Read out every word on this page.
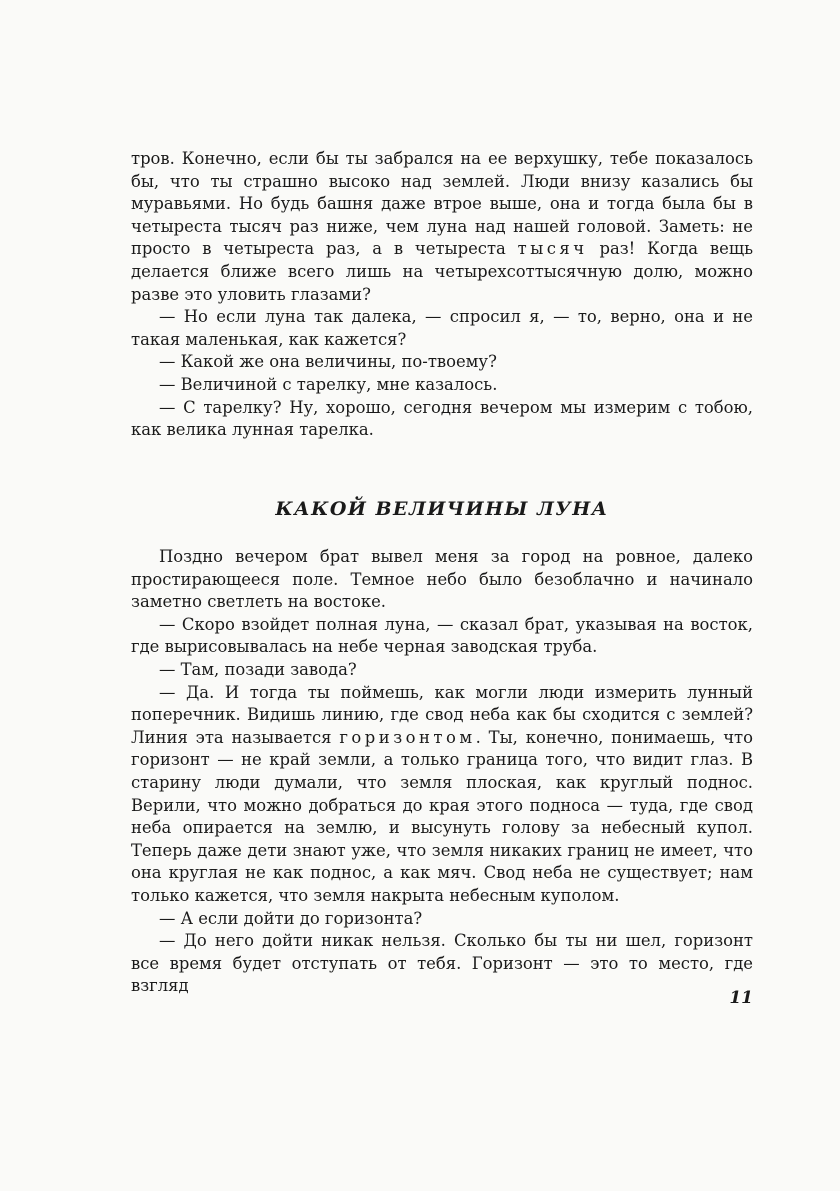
тров. Конечно, если бы ты забрался на ее верхушку, тебе показалось бы, что ты страшно высоко над землей. Люди внизу казались бы муравьями. Но будь башня даже втрое выше, она и тогда была бы в четыреста тысяч раз ниже, чем луна над нашей головой. Заметь: не просто в четыреста раз, а в четыреста тысяч раз! Когда вещь делается ближе всего лишь на четырехсоттысячную долю, можно разве это уловить глазами?

— Но если луна так далека, — спросил я, — то, верно, она и не такая маленькая, как кажется?

— Какой же она величины, по-твоему?

— Величиной с тарелку, мне казалось.

— С тарелку? Ну, хорошо, сегодня вечером мы измерим с тобою, как велика лунная тарелка.

КАКОЙ ВЕЛИЧИНЫ ЛУНА

Поздно вечером брат вывел меня за город на ровное, далеко простирающееся поле. Темное небо было безоблачно и начинало заметно светлеть на востоке.

— Скоро взойдет полная луна, — сказал брат, указывая на восток, где вырисовывалась на небе черная заводская труба.

— Там, позади завода?

— Да. И тогда ты поймешь, как могли люди измерить лунный поперечник. Видишь линию, где свод неба как бы сходится с землей? Линия эта называется горизонтом. Ты, конечно, понимаешь, что горизонт — не край земли, а только граница того, что видит глаз. В старину люди думали, что земля плоская, как круглый поднос. Верили, что можно добраться до края этого подноса — туда, где свод неба опирается на землю, и высунуть голову за небесный купол. Теперь даже дети знают уже, что земля никаких границ не имеет, что она круглая не как поднос, а как мяч. Свод неба не существует; нам только кажется, что земля накрыта небесным куполом.

— А если дойти до горизонта?

— До него дойти никак нельзя. Сколько бы ты ни шел, горизонт все время будет отступать от тебя. Горизонт — это то место, где взгляд

11
